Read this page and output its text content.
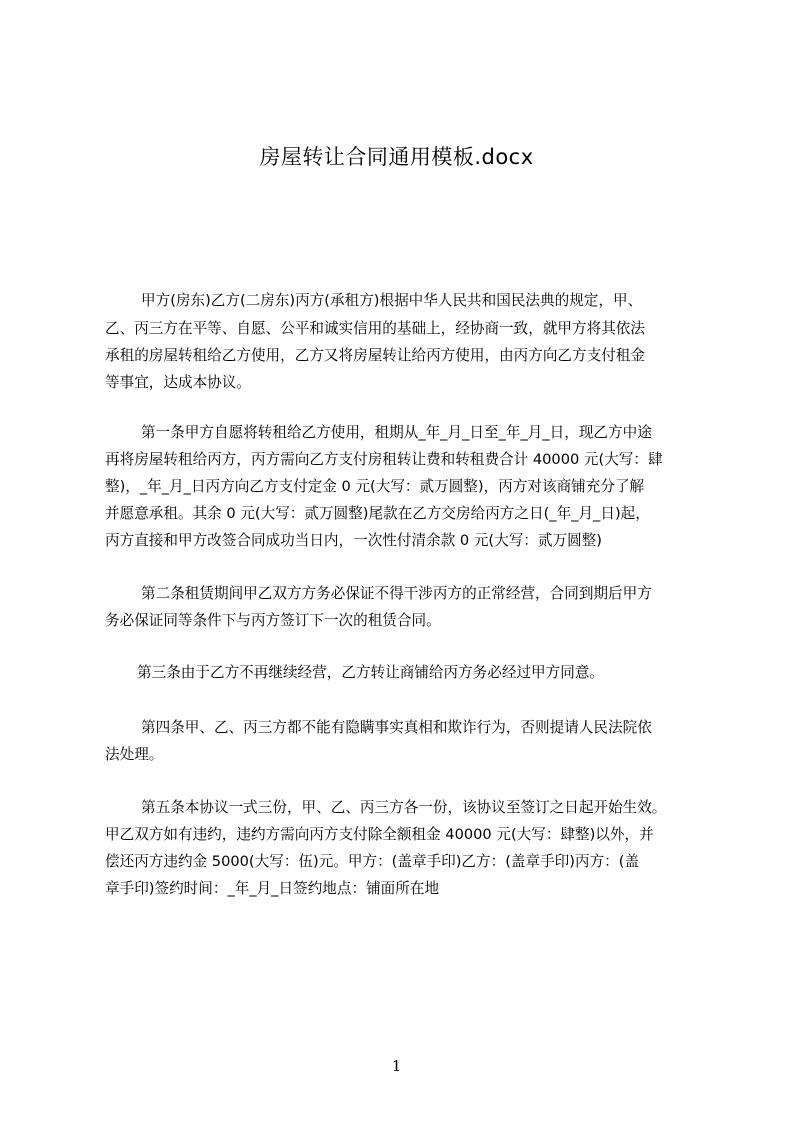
房屋转让合同通用模板.docx
甲方(房东)乙方(二房东)丙方(承租方)根据中华人民共和国民法典的规定，甲、
乙、丙三方在平等、自愿、公平和诚实信用的基础上，经协商一致，就甲方将其依法
承租的房屋转租给乙方使用，乙方又将房屋转让给丙方使用，由丙方向乙方支付租金
等事宜，达成本协议。
第一条甲方自愿将转租给乙方使用，租期从_年_月_日至_年_月_日，现乙方中途
再将房屋转租给丙方，丙方需向乙方支付房租转让费和转租费合计 40000 元(大写：肆
整)，_年_月_日丙方向乙方支付定金 0 元(大写：贰万圆整)，丙方对该商铺充分了解
并愿意承租。其余 0 元(大写：贰万圆整)尾款在乙方交房给丙方之日(_年_月_日)起，
丙方直接和甲方改签合同成功当日内，一次性付清余款 0 元(大写：贰万圆整)
第二条租赁期间甲乙双方方务必保证不得干涉丙方的正常经营，合同到期后甲方
务必保证同等条件下与丙方签订下一次的租赁合同。
第三条由于乙方不再继续经营，乙方转让商铺给丙方务必经过甲方同意。
第四条甲、乙、丙三方都不能有隐瞒事实真相和欺诈行为，否则提请人民法院依
法处理。
第五条本协议一式三份，甲、乙、丙三方各一份，该协议至签订之日起开始生效。
甲乙双方如有违约，违约方需向丙方支付除全额租金 40000 元(大写：肆整)以外，并
偿还丙方违约金 5000(大写：伍)元。甲方：(盖章手印)乙方：(盖章手印)丙方：(盖
章手印)签约时间：_年_月_日签约地点：铺面所在地
1
